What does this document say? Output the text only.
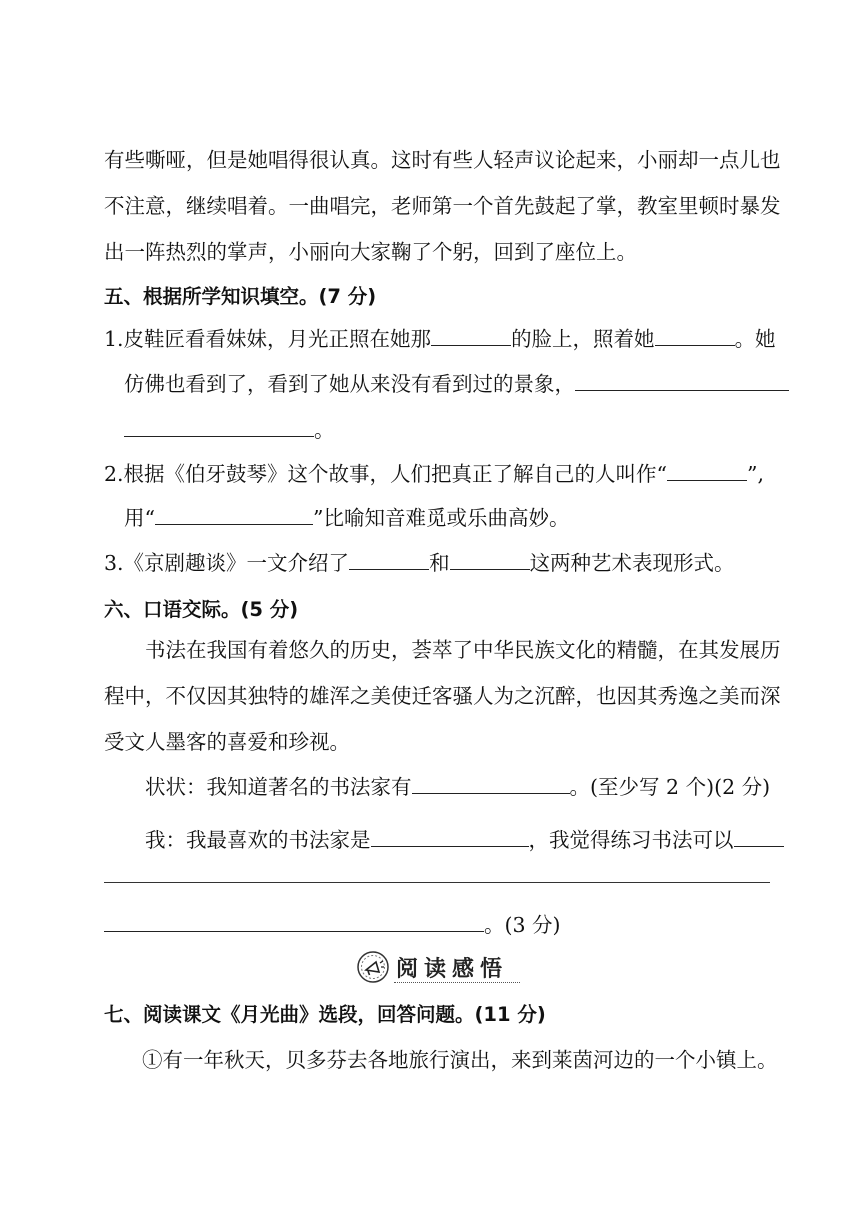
有些嘶哑，但是她唱得很认真。这时有些人轻声议论起来，小丽却一点儿也
不注意，继续唱着。一曲唱完，老师第一个首先鼓起了掌，教室里顿时暴发
出一阵热烈的掌声，小丽向大家鞠了个躬，回到了座位上。
五、根据所学知识填空。(7 分)
1.皮鞋匠看看妹妹，月光正照在她那	的脸上，照着她	。她
仿佛也看到了，看到了她从来没有看到过的景象，
。
2.根据《伯牙鼓琴》这个故事，人们把真正了解自己的人叫作“	”,
用“	”比喻知音难觅或乐曲高妙。
3.《京剧趣谈》一文介绍了	和	这两种艺术表现形式。
六、口语交际。(5 分)
书法在我国有着悠久的历史，荟萃了中华民族文化的精髓，在其发展历
程中，不仅因其独特的雄浑之美使迁客骚人为之沉醉，也因其秀逸之美而深
受文人墨客的喜爱和珍视。
状状：我知道著名的书法家有	。(至少写 2 个)(2 分)
我：我最喜欢的书法家是	，我觉得练习书法可以
。(3 分)
阅读感悟
七、阅读课文《月光曲》选段，回答问题。(11 分)
①有一年秋天，贝多芬去各地旅行演出，来到莱茵河边的一个小镇上。
